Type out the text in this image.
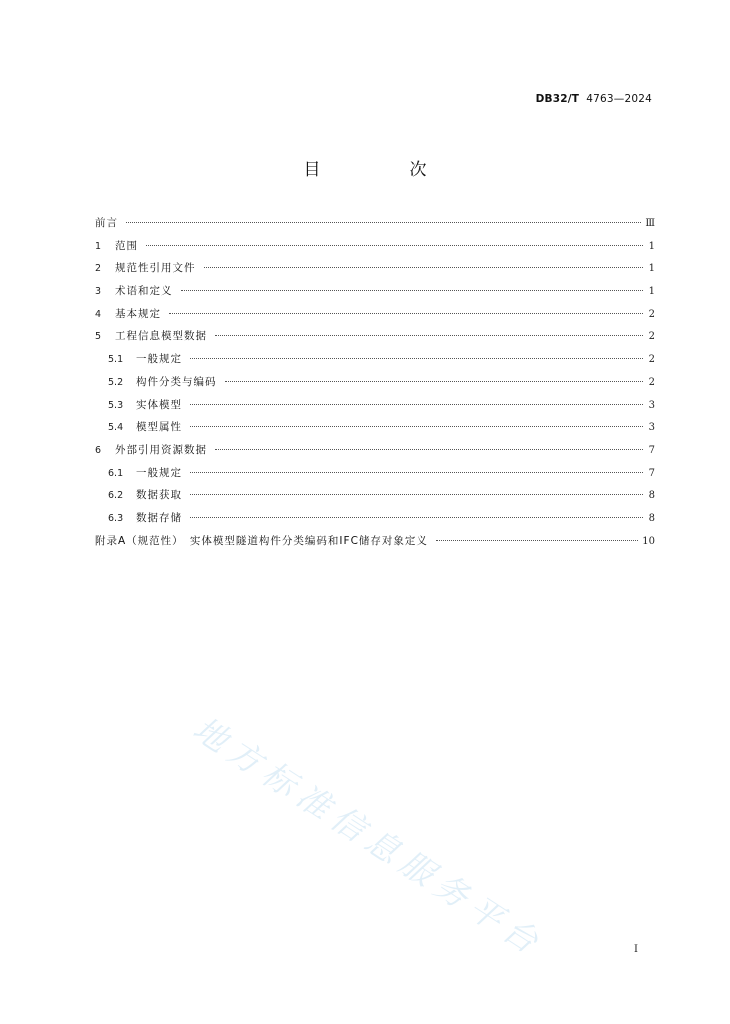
DB32/T 4763—2024
目　次
前言	Ⅲ
1	范围	1
2	规范性引用文件	1
3	术语和定义	1
4	基本规定	2
5	工程信息模型数据	2
5.1	一般规定	2
5.2	构件分类与编码	2
5.3	实体模型	3
5.4	模型属性	3
6	外部引用资源数据	7
6.1	一般规定	7
6.2	数据获取	8
6.3	数据存储	8
附录A（规范性）　实体模型隧道构件分类编码和IFC储存对象定义	10
地方标准信息服务平台	I
